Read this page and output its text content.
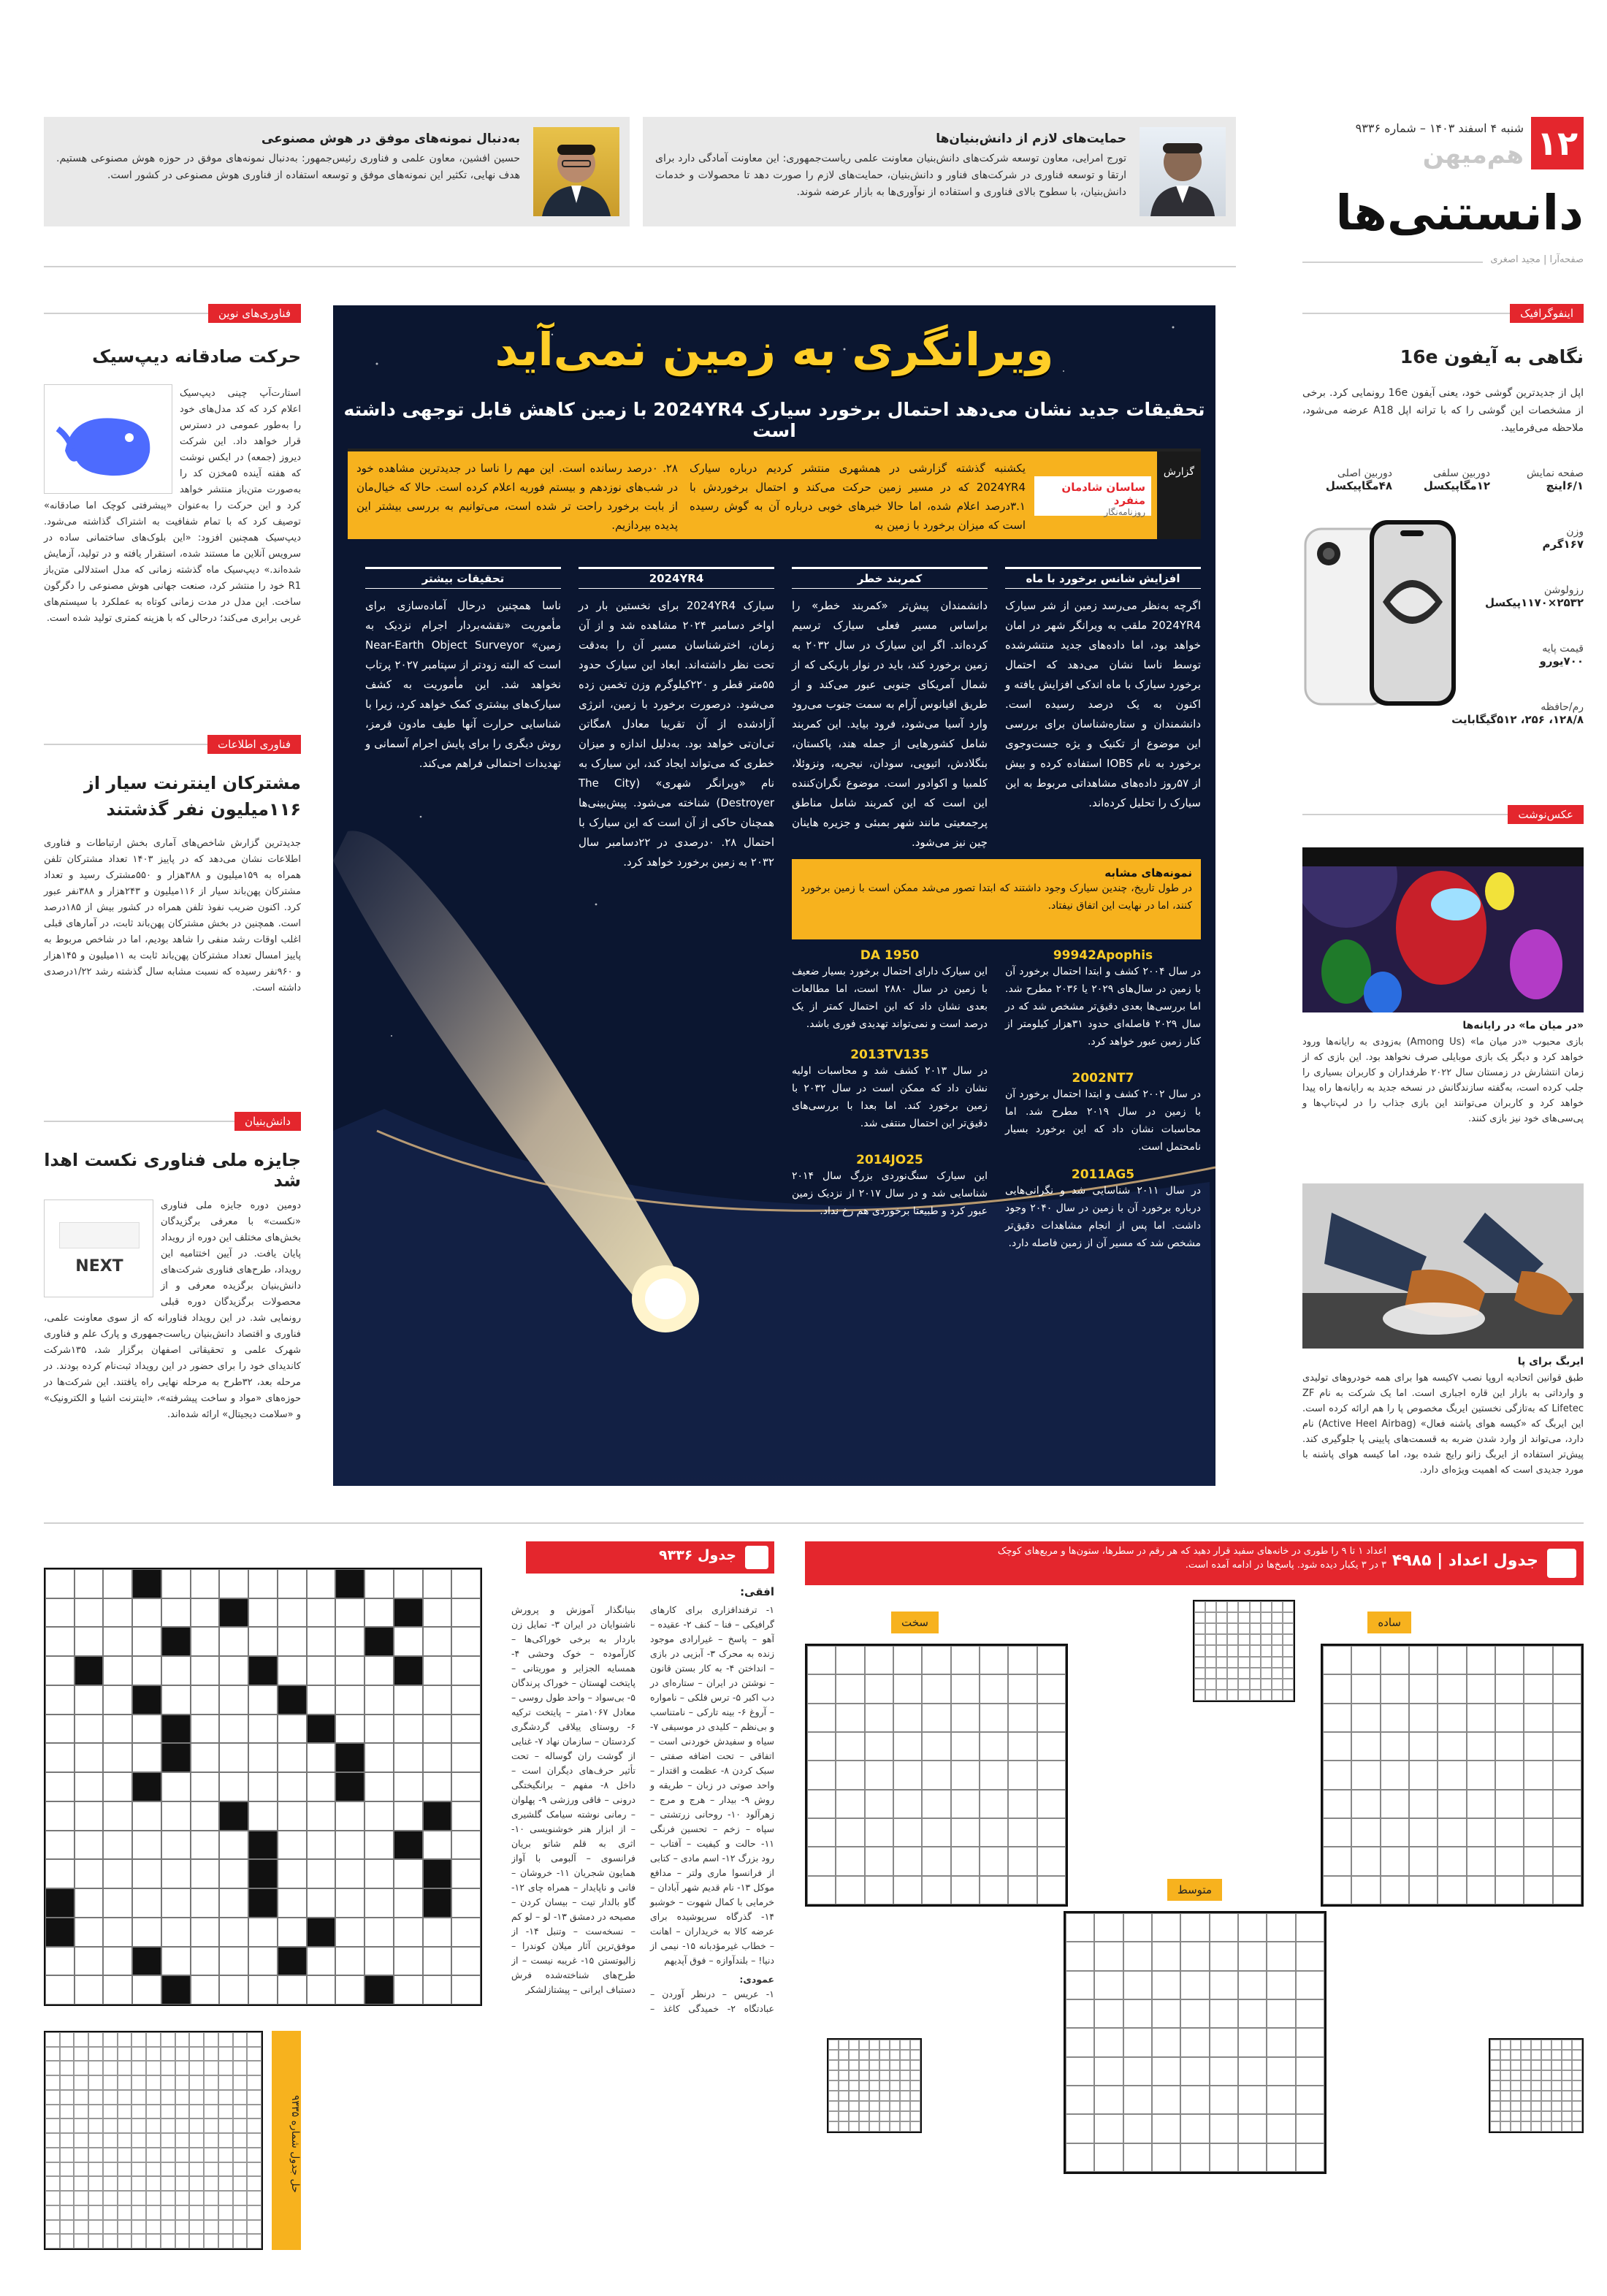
۱۲
شنبه ۴ اسفند ۱۴۰۳ – شماره ۹۳۳۶
هم‌میهن
دانستنی‌ها
صفحه‌آرا | مجید اصغری
حمایت‌های لازم از دانش‌بنیان‌ها
تورج امرایی، معاون توسعه شرکت‌های دانش‌بنیان معاونت علمی ریاست‌جمهوری: این معاونت آمادگی دارد برای ارتقا و توسعه فناوری در شرکت‌های فناور و دانش‌بنیان، حمایت‌های لازم را صورت دهد تا محصولات و خدمات دانش‌بنیان، با سطوح بالای فناوری و استفاده از نوآوری‌ها به بازار عرضه شوند.
به‌دنبال نمونه‌های موفق در هوش مصنوعی
حسین افشین، معاون علمی و فناوری رئیس‌جمهور: به‌دنبال نمونه‌های موفق در حوزه هوش مصنوعی هستیم. هدف نهایی، تکثیر این نمونه‌های موفق و توسعه استفاده از فناوری هوش مصنوعی در کشور است.
اینفوگرافیک
نگاهی به آیفون 16e
اپل از جدیدترین گوشی خود، یعنی آیفون 16e رونمایی کرد. برخی از مشخصات این گوشی را که با ترانه اپل A18 عرضه می‌شود، ملاحظه می‌فرمایید.
صفحه نمایش
۶/۱اینچ
دوربین سلفی
۱۲مگاپیکسل
دوربین اصلی
۴۸مگاپیکسل
وزن
۱۶۷گرم
رزولوشن
۲۵۳۲×۱۱۷۰پیکسل
قیمت پایه
۷۰۰یورو
رم/حافظه
۱۲۸/۸، ۲۵۶، ۵۱۲گیگابایت
عکس‌نوشت
«در میان ما» در رایانه‌ها
بازی محبوب «در میان ما» (Among Us) به‌زودی به رایانه‌ها ورود خواهد کرد و دیگر یک بازی موبایلی صرف نخواهد بود. این بازی که از زمان انتشارش در زمستان سال ۲۰۲۲ طرفداران و کاربران بسیاری را جلب کرده است، به‌گفته سازندگانش در نسخه جدید به رایانه‌ها راه پیدا خواهد کرد و کاربران می‌توانند این بازی جذاب را در لپ‌تاپ‌ها و پی‌سی‌های خود نیز بازی کنند.
ایربگ برای پا
طبق قوانین اتحادیه اروپا نصب ۷کیسه هوا برای همه خودروهای تولیدی و وارداتی به بازار این قاره اجباری است. اما یک شرکت به نام ZF Lifetec که به‌تازگی نخستین ایربگ مخصوص پا را هم ارائه کرده است. این ایربگ که «کیسه هوای پاشنه فعال» (Active Heel Airbag) نام دارد، می‌تواند از وارد شدن ضربه به قسمت‌های پایینی پا جلوگیری کند. پیش‌تر استفاده از ایربگ زانو رایج شده بود، اما کیسه هوای پاشنه با مورد جدیدی است که اهمیت ویژه‌ای دارد.
فناوری‌های نوین
حرکت صادقانه دیپ‌سیک
استارت‌آپ چینی دیپ‌سیک اعلام کرد که کد مدل‌های خود را به‌طور عمومی در دسترس قرار خواهد داد. این شرکت دیروز (جمعه) در ایکس نوشت که هفته آینده ۵مخزن کد را به‌صورت متن‌باز منتشر خواهد کرد و این حرکت را به‌عنوان «پیشرفتی کوچک اما صادقانه» توصیف کرد که با تمام شفافیت به اشتراک گذاشته می‌شود. دیپ‌سیک همچنین افزود: «این بلوک‌های ساختمانی ساده در سرویس آنلاین ما مستند شده، استقرار یافته و در تولید، آزمایش شده‌اند.» دیپ‌سیک ماه گذشته زمانی که مدل استدلالی متن‌باز R1 خود را منتشر کرد، صنعت جهانی هوش مصنوعی را دگرگون ساخت. این مدل در مدت زمانی کوتاه به عملکرد با سیستم‌های غربی برابری می‌کند؛ درحالی که با هزینه کمتری تولید شده است.
فناوری اطلاعات
مشترکان اینترنت سیار از ۱۱۶میلیون نفر گذشتند
جدیدترین گزارش شاخص‌های آماری بخش ارتباطات و فناوری اطلاعات نشان می‌دهد که در پاییز ۱۴۰۳ تعداد مشترکان تلفن همراه به ۱۵۹میلیون و ۳۸۸هزار و ۵۵۰مشترک رسید و تعداد مشترکان پهن‌باند سیار از ۱۱۶میلیون و ۲۴۳هزار و ۳۸۸نفر عبور کرد. اکنون ضریب نفوذ تلفن همراه در کشور بیش از ۱۸۵درصد است. همچنین در بخش مشترکان پهن‌باند ثابت، در آمارهای قبلی اغلب اوقات رشد منفی را شاهد بودیم، اما در شاخص مربوط به پاییز امسال تعداد مشترکان پهن‌باند ثابت به ۱۱میلیون و ۱۴۵هزار و ۹۶۰نفر رسیده که نسبت مشابه سال گذشته رشد ۱/۲۲درصدی داشته است.
دانش‌بنیان
جایزه ملی فناوری نکست اهدا شد
NEXT
دومین دوره جایزه ملی فناوری «نکست» با معرفی برگزیدگان بخش‌های مختلف این دوره از رویداد پایان یافت. در آیین اختتامیه این رویداد، طرح‌های فناوری شرکت‌های دانش‌بنیان برگزیده معرفی و از محصولات برگزیدگان دوره قبلی رونمایی شد. در این رویداد فناورانه که از سوی معاونت علمی، فناوری و اقتصاد دانش‌بنیان ریاست‌جمهوری و پارک علم و فناوری شهرک علمی و تحقیقاتی اصفهان برگزار شد، ۱۳۵شرکت کاندیدای خود را برای حضور در این رویداد ثبت‌نام کرده بودند. در مرحله بعد، ۳۲طرح به مرحله نهایی راه یافتند. این شرکت‌ها در حوزه‌های «مواد و ساخت پیشرفته»، «اینترنت اشیا و الکترونیک» و «سلامت دیجیتال» ارائه شده‌اند.
ویرانگری به زمین نمی‌آید
تحقیقات جدید نشان می‌دهد احتمال برخورد سیارک 2024YR4 با زمین کاهش قابل توجهی داشته است
گزارش
ساسان شادمان منفرد
روزنامه‌نگار
یکشنبه گذشته گزارشی در همشهری منتشر کردیم درباره سیارک 2024YR4 که در مسیر زمین حرکت می‌کند و احتمال برخوردش با ۳.۱درصد اعلام شده، اما حالا خبرهای خوبی درباره آن به گوش رسیده است که میزان برخورد با زمین به
۲۸. ۰درصد رسانده است. این مهم را ناسا در جدیدترین مشاهده خود در شب‌های نوزدهم و بیستم فوریه اعلام کرده است. حالا که خیال‌مان از بابت برخورد راحت تر شده است، می‌توانیم به بررسی بیشتر این پدیده بپردازیم.
افزایش شانس برخورد با ماه
اگرچه به‌نظر می‌رسد زمین از شر سیارک 2024YR4 ملقب به ویرانگر شهر در امان خواهد بود، اما داده‌های جدید منتشرشده توسط ناسا نشان می‌دهد که احتمال برخورد سیارک با ماه اندکی افزایش یافته و اکنون به یک درصد رسیده است. دانشمندان و ستاره‌شناسان برای بررسی این موضوع از تکنیک و یژه جست‌وجوی برخورد به نام IOBS استفاده کرده و بیش از ۵۷روز داده‌های مشاهداتی مربوط به این سیارک را تحلیل کرده‌اند.
کمربند خطر
دانشمندان پیش‌تر «کمربند خطر» را براساس مسیر فعلی سیارک ترسیم کرده‌اند. اگر این سیارک در سال ۲۰۳۲ به زمین برخورد کند، باید در نوار باریکی که از شمال آمریکای جنوبی عبور می‌کند و از طریق اقیانوس آرام به سمت جنوب می‌رود وارد آسیا می‌شود، فرود بیاید. این کمربند شامل کشورهایی از جمله هند، پاکستان، بنگلادش، اتیوپی، سودان، نیجریه، ونزوئلا، کلمبیا و اکوادور است. موضوع نگران‌کننده این است که این کمربند شامل مناطق پرجمعیتی مانند شهر بمبئی و جزیره هاینان چین نیز می‌شود.
2024YR4
سیارک 2024YR4 برای نخستین بار در اواخر دسامبر ۲۰۲۴ مشاهده شد و از آن زمان، اخترشناسان مسیر آن را به‌دقت تحت نظر داشته‌اند. ابعاد این سیارک حدود ۵۵متر قطر و ۲۲۰کیلوگرم وزن تخمین زده می‌شود. درصورت برخورد با زمین، انرژی آزادشده از آن تقریبا معادل ۸مگاتن تی‌ان‌تی خواهد بود. به‌دلیل اندازه و میزان خطری که می‌تواند ایجاد کند، این سیارک به نام «ویرانگر شهری» (The City Destroyer) شناخته می‌شود. پیش‌بینی‌ها همچنان حاکی از آن است که این سیارک با احتمال ۲۸. ۰درصدی در ۲۲دسامبر سال ۲۰۳۲ به زمین برخورد خواهد کرد.
تحقیقات بیشتر
ناسا همچنین درحال آماده‌سازی برای مأموریت «نقشه‌بردار اجرام نزدیک به زمین» Near-Earth Object Surveyor است که البته زودتر از سپتامبر ۲۰۲۷ پرتاب نخواهد شد. این مأموریت به کشف سیارک‌های بیشتری کمک خواهد کرد، زیرا با شناسایی حرارت آنها طیف مادون قرمز، روش دیگری را برای پایش اجرام آسمانی و تهدیدات احتمالی فراهم می‌کند.
نمونه‌های مشابه
در طول تاریخ، چندین سیارک وجود داشتند که ابتدا تصور می‌شد ممکن است با زمین برخورد کنند، اما در نهایت این اتفاق نیفتاد.
99942Apophis
در سال ۲۰۰۴ کشف و ابتدا احتمال برخورد آن با زمین در سال‌های ۲۰۲۹ یا ۲۰۳۶ مطرح شد. اما بررسی‌ها بعدی دقیق‌تر مشخص شد که در سال ۲۰۲۹ فاصله‌ای حدود ۳۱هزار کیلومتر از کنار زمین عبور خواهد کرد.
DA 1950
این سیارک دارای احتمال برخورد بسیار ضعیف با زمین در سال ۲۸۸۰ است، اما مطالعات بعدی نشان داد که این احتمال کمتر از یک درصد است و نمی‌تواند تهدیدی فوری باشد.
2002NT7
در سال ۲۰۰۲ کشف و ابتدا احتمال برخورد آن با زمین در سال ۲۰۱۹ مطرح شد. اما محاسبات نشان داد که این برخورد بسیار نامحتمل است.
2013TV135
در سال ۲۰۱۳ کشف شد و محاسبات اولیه نشان داد که ممکن است در سال ۲۰۳۲ با زمین برخورد کند. اما بعدا با بررسی‌های دقیق‌تر این احتمال منتفی شد.
2011AG5
در سال ۲۰۱۱ شناسایی شد و نگرانی‌هایی درباره برخورد آن با زمین در سال ۲۰۴۰ وجود داشت. اما پس از انجام مشاهدات دقیق‌تر مشخص شد که مسیر آن از زمین فاصله دارد.
2014JO25
این سیارک سنگ‌نوردی بزرگ سال ۲۰۱۴ شناسایی شد و در سال ۲۰۱۷ از نزدیک زمین عبور کرد و طبیعتا برخوردی هم رخ نداد.
جدول اعداد | ۴۹۸۵
اعداد ۱ تا ۹ را طوری در خانه‌های سفید قرار دهید که هر رقم در سطرها، ستون‌ها و مربع‌های کوچک ۳ در ۳ یکبار دیده شود. پاسخ‌ها در ادامه آمده است.
ساده
سخت
متوسط
جدول ۹۳۳۶
افقی:
۱- ترفندافزاری برای کارهای گرافیکی – فنا – کنف ۲- عقیده – آهو – پاسخ – غیرارادی موجود زنده به محرک ۳- آبزیی در بازی – انداختن ۴- به کار بستن قانون – نوشتن در ایران – ستاره‌ای در دب اکبر ۵- ترس فلکی – نامواره – آروغ ۶- بینه تارکی – نامتناسب و بی‌نظم – کلیدی در موسیقی ۷- سیاه و سفیدش خوردنی است – اتفاقی – تحت اضافه صفتی – سبک کردن ۸- عظمت و اقتدار – واحد صوتی در زبان – طریقه و روش ۹- بیدار – هرج و مرج – زهرآلود ۱۰- روحانی زرتشتی – سپاه – زخم – تحسین فرنگی ۱۱- حالت و کیفیت – آفتاب – رود بزرگ ۱۲- اسم مادی – کتابی از فرانسوا ماری ولتر – مدافع موکل ۱۳- نام قدیم شهر آبادان – خرمایی با کمال شهوت – خوشبو ۱۴- گذرگاه سرپوشیده برای عرضه کالا به خریداران – اهانت – خطاب غیرمؤدبانه ۱۵- نیمی از دنیا! – بلندآوازه – فوق آپدیهم
عمودی:
۱- عریس – درنظر آوردن – عبادتگاه ۲- خمیدگی کاغذ – بنیانگذار آموزش و پرورش ناشنوایان در ایران ۳- تمایل زن باردار به برخی خوراکی‌ها – کارآموده – خوک وحشی ۴- همسایه الجزایر و موریتانی – پایتخت لهستان – خوراک پرندگان ۵- بی‌سواد – واحد طول روسی – معادل ۱۰۶۷متر – پایتخت ترکیه ۶- روستای ییلاقی گردشگری کردستان – سازمان نهاد ۷- غنایی از گوشت ران گوساله – تحت تأثیر حرف‌های دیگران است – داخل ۸- مفهم – برانگیختگی درونی – فاقی ورزشی ۹- پهلوان – رمانی نوشته سیامک گلشیری – از ابزار هنر خوشنویسی ۱۰- اثری به قلم شاتو بریان فرانسوی – آلبومی با آواز همایون شجریان ۱۱- خروشان – فانی و ناپایدار – همراه چای ۱۲- گاو بالدار تیت – بیسان کردن – مصیحه در دمشق ۱۳- لو – لو کم – نسخه‌ست – وتنبل ۱۴- از موفق‌ترین آثار میلان کوندرا – زالیوتستن ۱۵- غریبه نیست – از طرح‌های شناخته‌شده فرش دستباف ایرانی – پیشتازلشکر
حل جدول شماره ۹۳۳۵
